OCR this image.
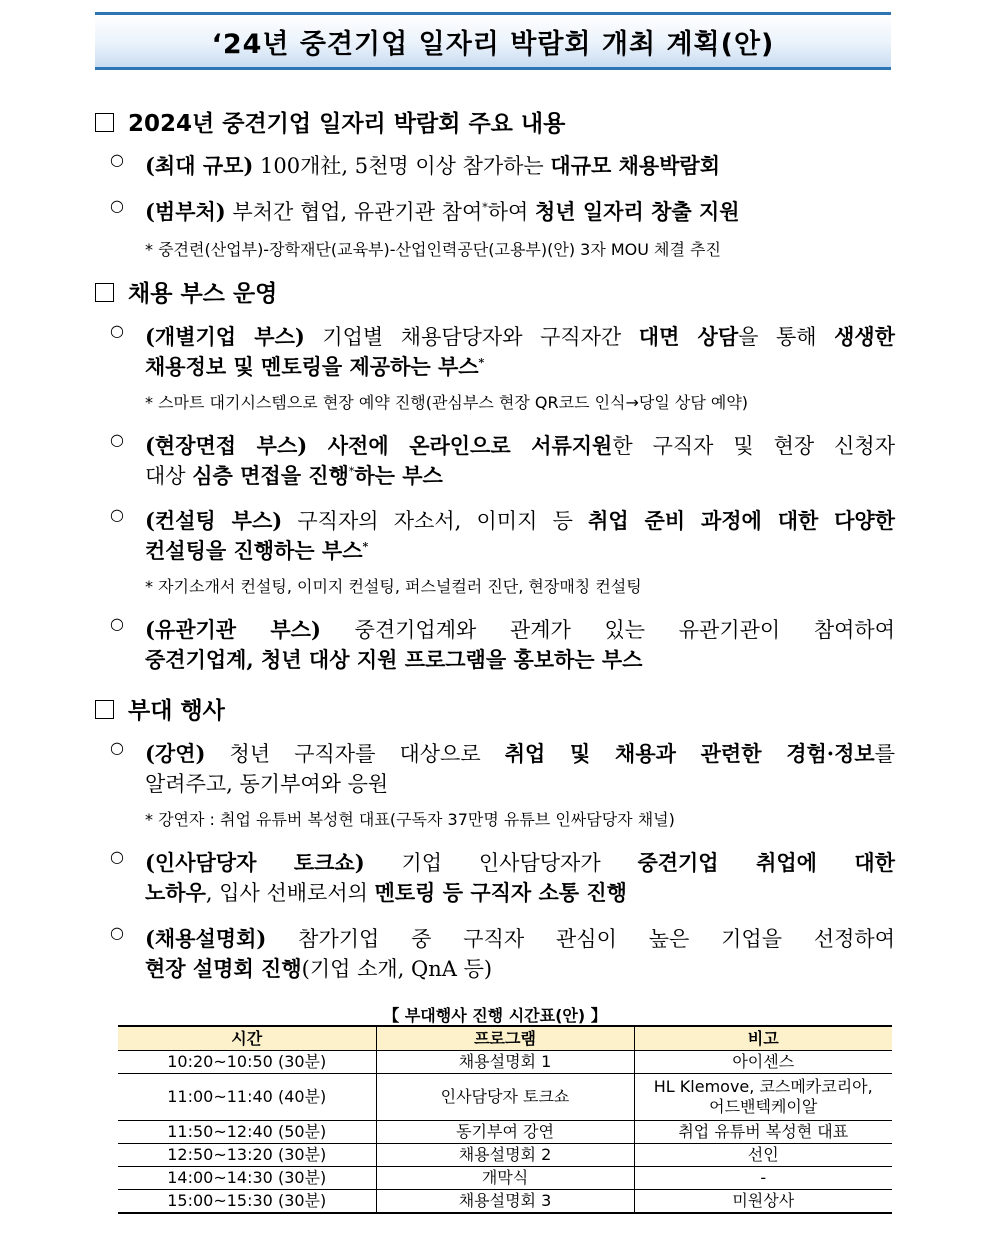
‘24년 중견기업 일자리 박람회 개최 계획(안)
2024년 중견기업 일자리 박람회 주요 내용
○ (최대 규모) 100개社, 5천명 이상 참가하는 대규모 채용박람회
○ (범부처) 부처간 협업, 유관기관 참여*하여 청년 일자리 창출 지원
* 중견련(산업부)-장학재단(교육부)-산업인력공단(고용부)(안) 3자 MOU 체결 추진
채용 부스 운영
○ (개별기업 부스) 기업별 채용담당자와 구직자간 대면 상담을 통해 생생한
채용정보 및 멘토링을 제공하는 부스*
* 스마트 대기시스템으로 현장 예약 진행(관심부스 현장 QR코드 인식→당일 상담 예약)
○ (현장면접 부스) 사전에 온라인으로 서류지원한 구직자 및 현장 신청자
대상 심층 면접을 진행*하는 부스
○ (컨설팅 부스) 구직자의 자소서, 이미지 등 취업 준비 과정에 대한 다양한
컨설팅을 진행하는 부스*
* 자기소개서 컨설팅, 이미지 컨설팅, 퍼스널컬러 진단, 현장매칭 컨설팅
○ (유관기관 부스) 중견기업계와 관계가 있는 유관기관이 참여하여
중견기업계, 청년 대상 지원 프로그램을 홍보하는 부스
부대 행사
○ (강연) 청년 구직자를 대상으로 취업 및 채용과 관련한 경험·정보를
알려주고, 동기부여와 응원
* 강연자 : 취업 유튜버 복성현 대표(구독자 37만명 유튜브 인싸담당자 채널)
○ (인사담당자 토크쇼) 기업 인사담당자가 중견기업 취업에 대한
노하우, 입사 선배로서의 멘토링 등 구직자 소통 진행
○ (채용설명회) 참가기업 중 구직자 관심이 높은 기업을 선정하여
현장 설명회 진행(기업 소개, QnA 등)
【 부대행사 진행 시간표(안) 】
시간	프로그램	비고
10:20~10:50 (30분)	채용설명회 1	아이센스
11:00~11:40 (40분)	인사담당자 토크쇼	HL Klemove, 코스메카코리아,
어드밴텍케이알
11:50~12:40 (50분)	동기부여 강연	취업 유튜버 복성현 대표
12:50~13:20 (30분)	채용설명회 2	선인
14:00~14:30 (30분)	개막식	-
15:00~15:30 (30분)	채용설명회 3	미원상사
